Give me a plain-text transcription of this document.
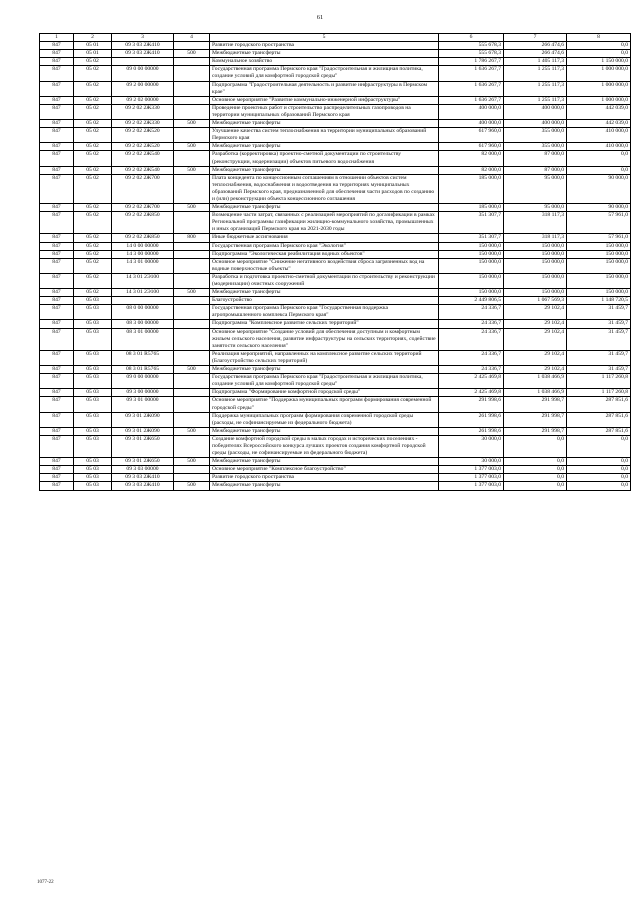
61
1	2	3	4	5	6	7	8
847	05 01	09 3 03 2Ж410		Развитие городского пространства	555 678,3	266 474,6	0,0
847	05 01	09 3 03 2Ж410	500	Межбюджетные трансферты	555 678,3	266 474,6	0,0
847	05 02			Коммунальное хозяйство	1 786 267,7	1 405 117,3	1 150 000,0
847	05 02	09 0 00 00000		Государственная программа Пермского края "Градостроительная и жилищная политика, создание условий для комфортной городской среды"	1 636 267,7	1 255 117,3	1 000 000,0
847	05 02	09 2 00 00000		Подпрограмма "Градостроительная деятельность и развитие инфраструктуры в Пермском крае"	1 636 267,7	1 255 117,3	1 000 000,0
847	05 02	09 2 02 00000		Основное мероприятие "Развитие коммунально-инженерной инфраструктуры"	1 636 267,7	1 255 117,3	1 000 000,0
847	05 02	09 2 02 2Ж330		Проведение проектных работ и строительство распределительных газопроводов на территории муниципальных образований Пермского края	400 000,0	400 000,0	442 039,0
847	05 02	09 2 02 2Ж330	500	Межбюджетные трансферты	400 000,0	400 000,0	442 039,0
847	05 02	09 2 02 2Ж520		Улучшение качества систем теплоснабжения на территории муниципальных образований Пермского края	617 960,0	355 000,0	410 000,0
847	05 02	09 2 02 2Ж520	500	Межбюджетные трансферты	617 960,0	355 000,0	410 000,0
847	05 02	09 2 02 2Ж540		Разработка (корректировка) проектно-сметной документации по строительству (реконструкции, модернизации) объектов питьевого водоснабжения	82 000,0	87 000,0	0,0
847	05 02	09 2 02 2Ж540	500	Межбюджетные трансферты	82 000,0	87 000,0	0,0
847	05 02	09 2 02 2Ж700		Плата концедента по концессионным соглашениям в отношении объектов систем теплоснабжения, водоснабжения и водоотведения на территориях муниципальных образований Пермского края, предназначенной для обеспечения части расходов по созданию и (или) реконструкции объекта концессионного соглашения	185 000,0	95 000,0	90 000,0
847	05 02	09 2 02 2Ж700	500	Межбюджетные трансферты	185 000,0	95 000,0	90 000,0
847	05 02	09 2 02 2Ж850		Возмещение части затрат, связанных с реализацией мероприятий по догазификации в рамках Региональной программы газификации жилищно-коммунального хозяйства, промышленных и иных организаций Пермского края на 2021-2030 годы	351 307,7	318 117,3	57 961,0
847	05 02	09 2 02 2Ж850	800	Иные бюджетные ассигнования	351 307,7	318 117,3	57 961,0
847	05 02	14 0 00 00000		Государственная программа Пермского края "Экология"	150 000,0	150 000,0	150 000,0
847	05 02	14 3 00 00000		Подпрограмма "Экологическая реабилитация водных объектов"	150 000,0	150 000,0	150 000,0
847	05 02	14 3 01 00000		Основное мероприятие "Снижение негативного воздействия сброса загрязненных вод на водные поверхностные объекты"	150 000,0	150 000,0	150 000,0
847	05 02	14 3 01 2Э100		Разработка и подготовка проектно-сметной документации по строительству и реконструкции (модернизации) очистных сооружений	150 000,0	150 000,0	150 000,0
847	05 02	14 3 01 2Э100	500	Межбюджетные трансферты	150 000,0	150 000,0	150 000,0
847	05 03			Благоустройство	2 449 806,5	1 067 569,3	1 148 720,5
847	05 03	08 0 00 00000		Государственная программа Пермского края "Государственная поддержка агропромышленного комплекса Пермского края"	24 336,7	29 102,4	31 459,7
847	05 03	08 3 00 00000		Подпрограмма "Комплексное развитие сельских территорий"	24 336,7	29 102,4	31 459,7
847	05 03	08 3 01 00000		Основное мероприятие "Создание условий для обеспечения доступным и комфортным жильем сельского населения, развитие инфраструктуры на сельских территориях, содействие занятости сельского населения"	24 336,7	29 102,4	31 459,7
847	05 03	08 3 01 R5765		Реализация мероприятий, направленных на комплексное развитие сельских территорий (Благоустройство сельских территорий)	24 336,7	29 102,4	31 459,7
847	05 03	08 3 01 R5765	500	Межбюджетные трансферты	24 336,7	29 102,4	31 459,7
847	05 03	09 0 00 00000		Государственная программа Пермского края "Градостроительная и жилищная политика, создание условий для комфортной городской среды"	2 425 469,8	1 038 466,9	1 117 260,8
847	05 03	09 3 00 00000		Подпрограмма "Формирование комфортной городской среды"	2 425 469,8	1 038 466,9	1 117 260,8
847	05 03	09 3 01 00000		Основное мероприятие "Поддержка муниципальных программ формирования современной городской среды"	291 998,6	291 998,7	287 851,6
847	05 03	09 3 01 2Ж090		Поддержка муниципальных программ формирования современной городской среды (расходы, не софинансируемые из федерального бюджета)	261 998,6	291 998,7	287 851,6
847	05 03	09 3 01 2Ж090	500	Межбюджетные трансферты	261 998,6	291 998,7	287 851,6
847	05 03	09 3 01 2Ж650		Создание комфортной городской среды в малых городах и исторических поселениях - победителях Всероссийского конкурса лучших проектов создания комфортной городской среды (расходы, не софинансируемые из федерального бюджета)	30 000,0	0,0	0,0
847	05 03	09 3 01 2Ж650	500	Межбюджетные трансферты	30 000,0	0,0	0,0
847	05 03	09 3 03 00000		Основное мероприятие "Комплексное благоустройство"	1 377 003,0	0,0	0,0
847	05 03	09 3 03 2Ж410		Развитие городского пространства	1 377 003,0	0,0	0,0
847	05 03	09 3 03 2Ж410	500	Межбюджетные трансферты	1 377 003,0	0,0	0,0
1077-22
